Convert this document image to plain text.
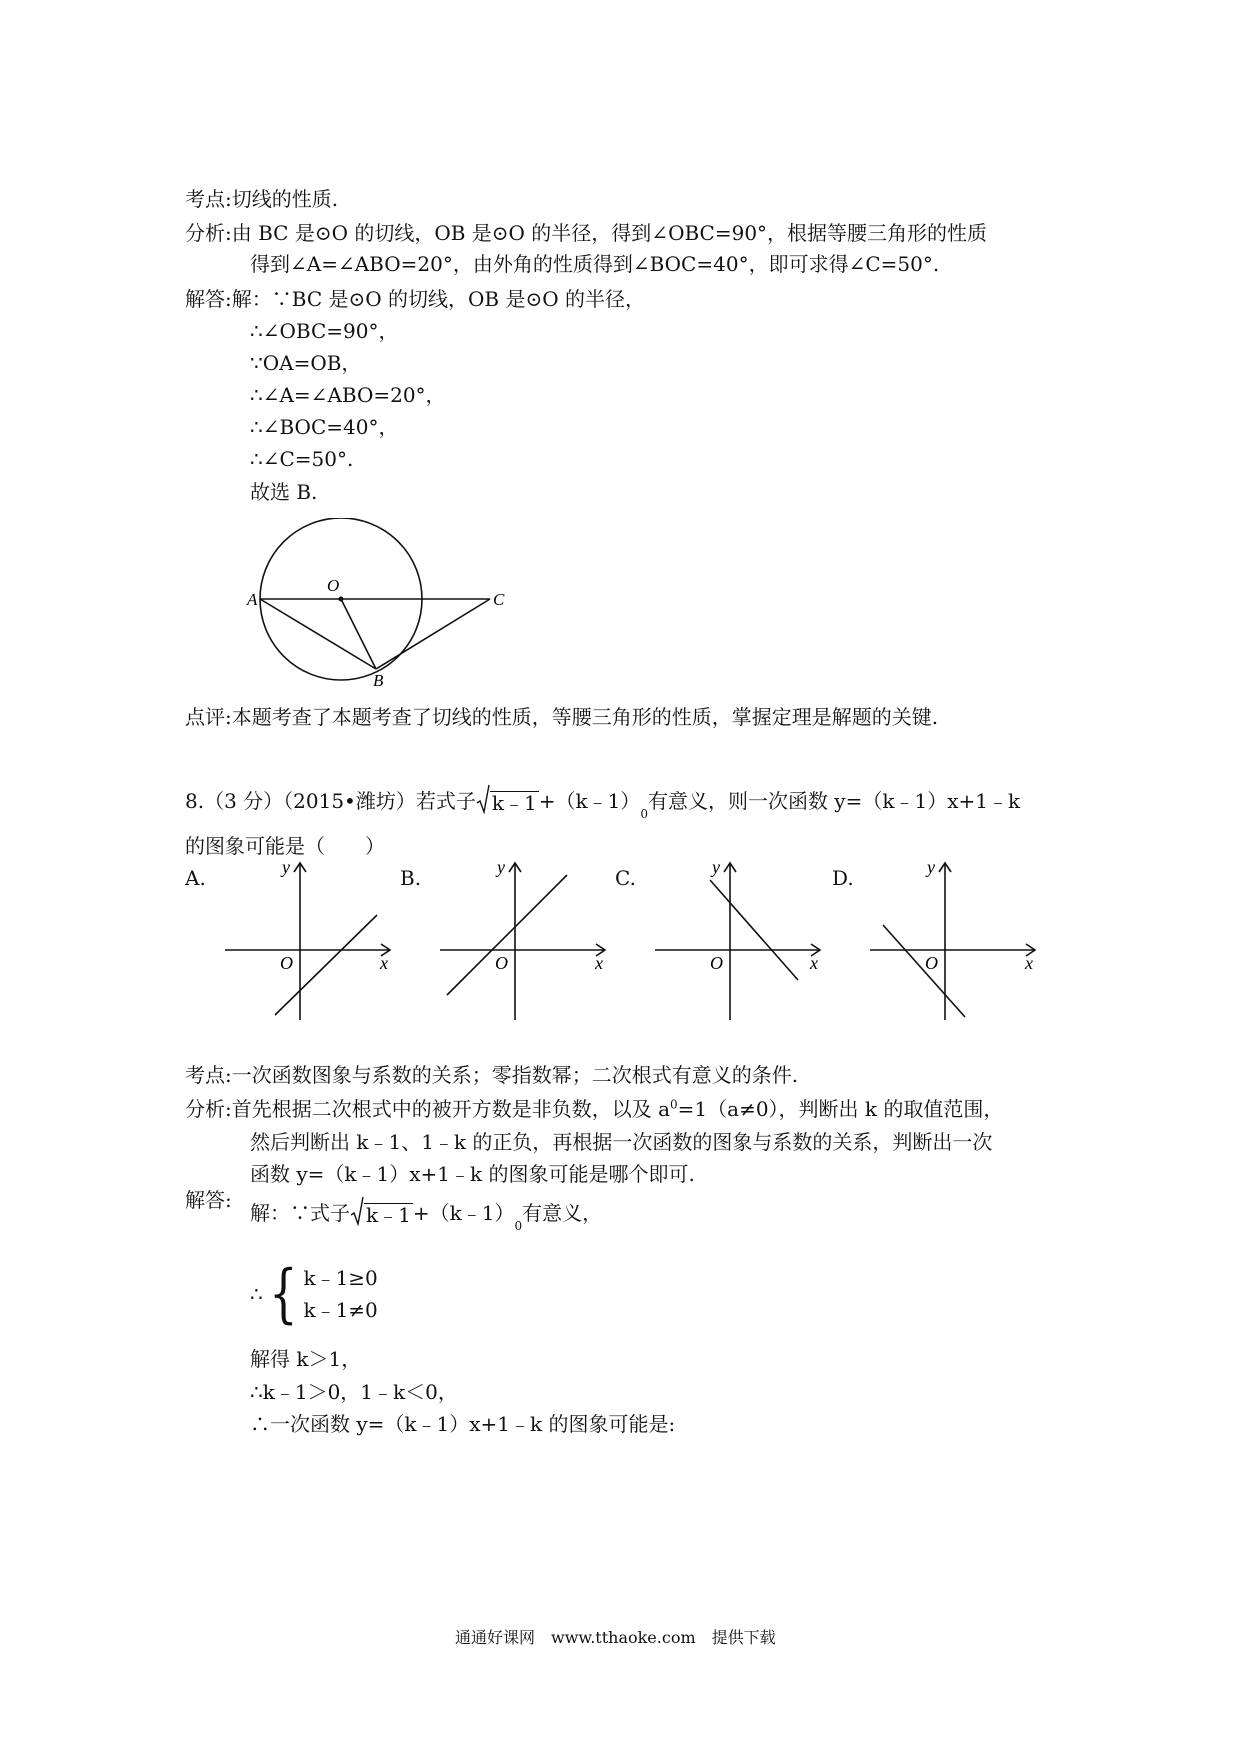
考点:切线的性质.
分析:由 BC 是⊙O 的切线，OB 是⊙O 的半径，得到∠OBC=90°，根据等腰三角形的性质
得到∠A=∠ABO=20°，由外角的性质得到∠BOC=40°，即可求得∠C=50°.
解答:解：∵BC 是⊙O 的切线，OB 是⊙O 的半径，
∴∠OBC=90°，
∵OA=OB，
∴∠A=∠ABO=20°，
∴∠BOC=40°，
∴∠C=50°.
故选 B.
A
O
C
B
点评:本题考查了本题考查了切线的性质，等腰三角形的性质，掌握定理是解题的关键.
8.（3 分）（2015•潍坊）若式子 k﹣1 +（k﹣1）
0
有意义，则一次函数 y=（k﹣1）x+1﹣k
的图象可能是（　　）
A.	B.	C.	D.
y
O	x
y
O	x
y
O	x
y
O	x
考点:一次函数图象与系数的关系；零指数幂；二次根式有意义的条件.
分析:首先根据二次根式中的被开方数是非负数，以及 $a^0=1(a\ne 0)$，判断出 k 的取值范围，
然后判断出 k﹣1、1﹣k 的正负，再根据一次函数的图象与系数的关系，判断出一次
函数 y=（k﹣1）x+1﹣k 的图象可能是哪个即可.
解答:
解：∵式子 k﹣1 +（k﹣1）
0
有意义，
∴ { k﹣1≥0
k﹣1≠0
解得 k＞1，
∴k﹣1＞0，1﹣k＜0，
∴一次函数 y=（k﹣1）x+1﹣k 的图象可能是:
通通好课网　www.tthaoke.com　提供下载
